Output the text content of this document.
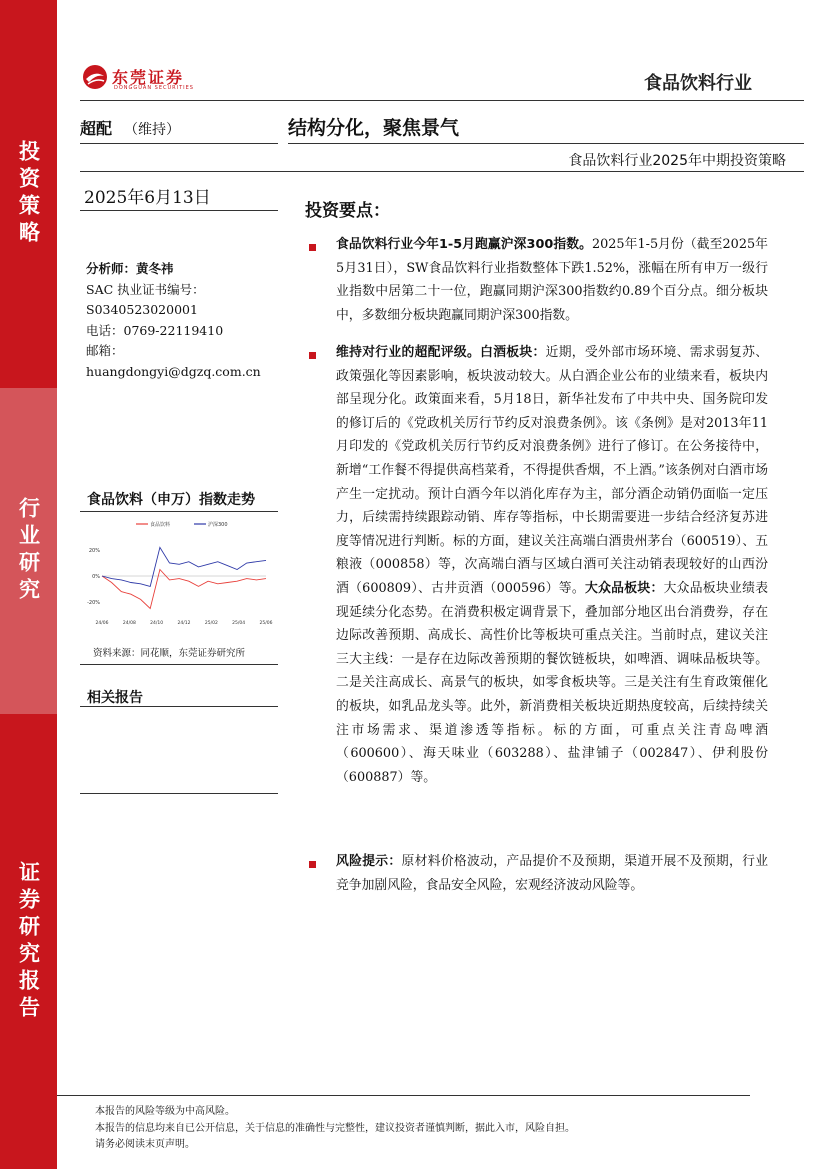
投资策略
行业研究
证券研究报告
东莞证券
DONGGUAN SECURITIES	食品饮料行业
超配 （维持）	结构分化，聚焦景气
食品饮料行业2025年中期投资策略
2025年6月13日
分析师：黄冬祎
SAC 执业证书编号：
S0340523020001
电话：0769-22119410
邮箱：
huangdongyi@dgzq.com.cn
食品饮料（申万）指数走势
20%
0%
-20%
24/06	24/08	24/10	24/12	25/02	25/04	25/06
食品饮料	沪深300
资料来源：同花顺，东莞证券研究所
相关报告
投资要点：
食品饮料行业今年1-5月跑赢沪深300指数。2025年1-5月份（截至2025年5月31日），SW食品饮料行业指数整体下跌1.52%，涨幅在所有申万一级行业指数中居第二十一位，跑赢同期沪深300指数约0.89个百分点。细分板块中，多数细分板块跑赢同期沪深300指数。
维持对行业的超配评级。白酒板块：近期，受外部市场环境、需求弱复苏、政策强化等因素影响，板块波动较大。从白酒企业公布的业绩来看，板块内部呈现分化。政策面来看，5月18日，新华社发布了中共中央、国务院印发的修订后的《党政机关厉行节约反对浪费条例》。该《条例》是对2013年11月印发的《党政机关厉行节约反对浪费条例》进行了修订。在公务接待中，新增“工作餐不得提供高档菜肴，不得提供香烟，不上酒。”该条例对白酒市场产生一定扰动。预计白酒今年以消化库存为主，部分酒企动销仍面临一定压力，后续需持续跟踪动销、库存等指标，中长期需要进一步结合经济复苏进度等情况进行判断。标的方面，建议关注高端白酒贵州茅台（600519）、五粮液（000858）等，次高端白酒与区域白酒可关注动销表现较好的山西汾酒（600809）、古井贡酒（000596）等。大众品板块：大众品板块业绩表现延续分化态势。在消费积极定调背景下，叠加部分地区出台消费券，存在边际改善预期、高成长、高性价比等板块可重点关注。当前时点，建议关注三大主线：一是存在边际改善预期的餐饮链板块，如啤酒、调味品板块等。二是关注高成长、高景气的板块，如零食板块等。三是关注有生育政策催化的板块，如乳品龙头等。此外，新消费相关板块近期热度较高，后续持续关注市场需求、渠道渗透等指标。标的方面，可重点关注青岛啤酒（600600）、海天味业（603288）、盐津铺子（002847）、伊利股份（600887）等。
风险提示：原材料价格波动，产品提价不及预期，渠道开展不及预期，行业竞争加剧风险，食品安全风险，宏观经济波动风险等。
本报告的风险等级为中高风险。
本报告的信息均来自已公开信息，关于信息的准确性与完整性，建议投资者谨慎判断，据此入市，风险自担。
请务必阅读末页声明。
